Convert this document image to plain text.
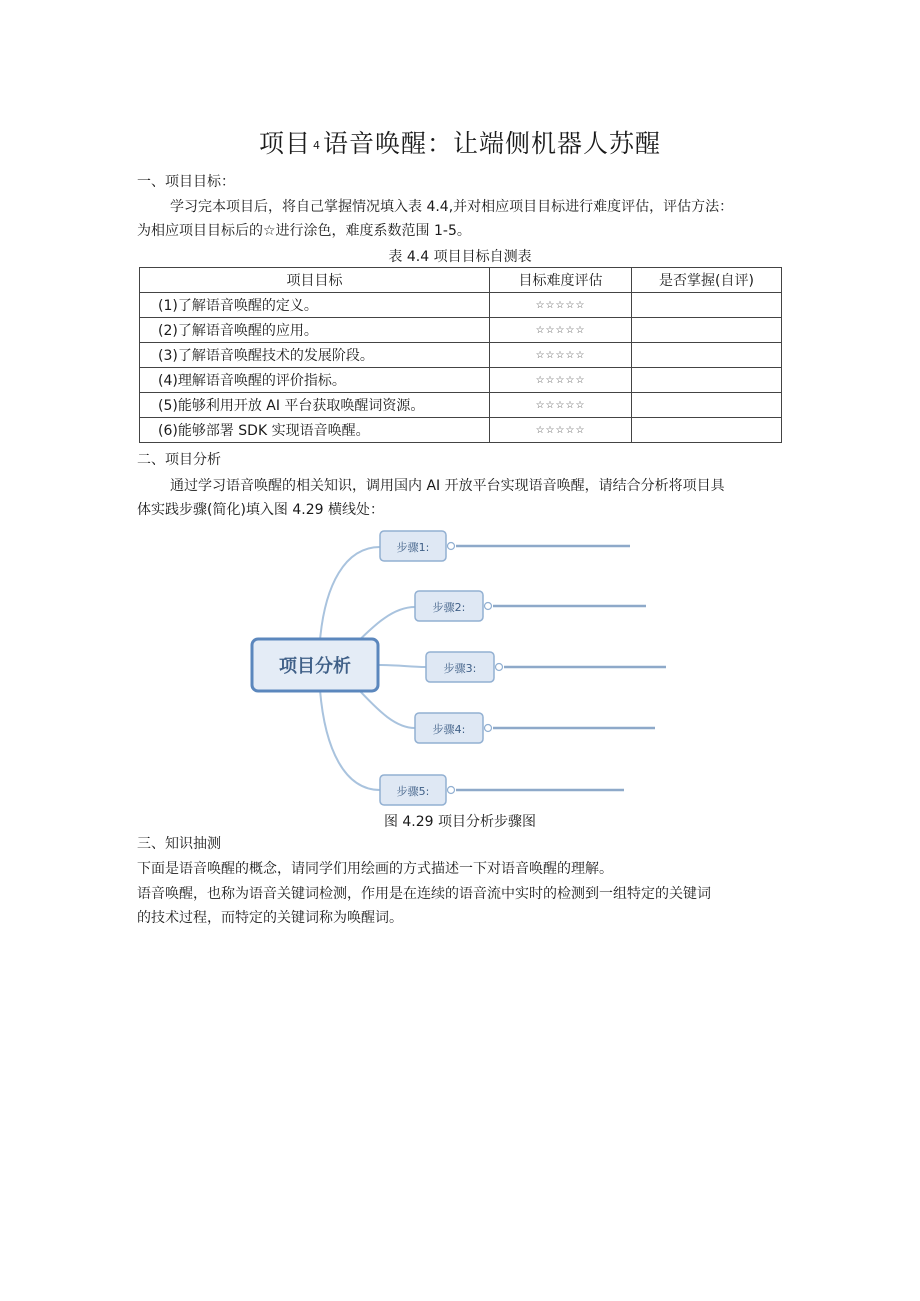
项目 4语音唤醒：让端侧机器人苏醒
一、项目目标：
学习完本项目后，将自己掌握情况填入表 4.4,并对相应项目目标进行难度评估，评估方法：
为相应项目目标后的☆进行涂色，难度系数范围 1-5。
表 4.4 项目目标自测表
项目目标	目标难度评估	是否掌握(自评)
(1)了解语音唤醒的定义。	☆☆☆☆☆	
(2)了解语音唤醒的应用。	☆☆☆☆☆	
(3)了解语音唤醒技术的发展阶段。	☆☆☆☆☆	
(4)理解语音唤醒的评价指标。	☆☆☆☆☆	
(5)能够利用开放 AI 平台获取唤醒词资源。	☆☆☆☆☆	
(6)能够部署 SDK 实现语音唤醒。	☆☆☆☆☆	
二、项目分析
通过学习语音唤醒的相关知识，调用国内 AI 开放平台实现语音唤醒，请结合分析将项目具
体实践步骤(简化)填入图 4.29 横线处：
项目分析
步骤1:
步骤2:
步骤3:
步骤4:
步骤5:
图 4.29 项目分析步骤图
三、知识抽测
下面是语音唤醒的概念，请同学们用绘画的方式描述一下对语音唤醒的理解。
语音唤醒，也称为语音关键词检测，作用是在连续的语音流中实时的检测到一组特定的关键词
的技术过程，而特定的关键词称为唤醒词。
